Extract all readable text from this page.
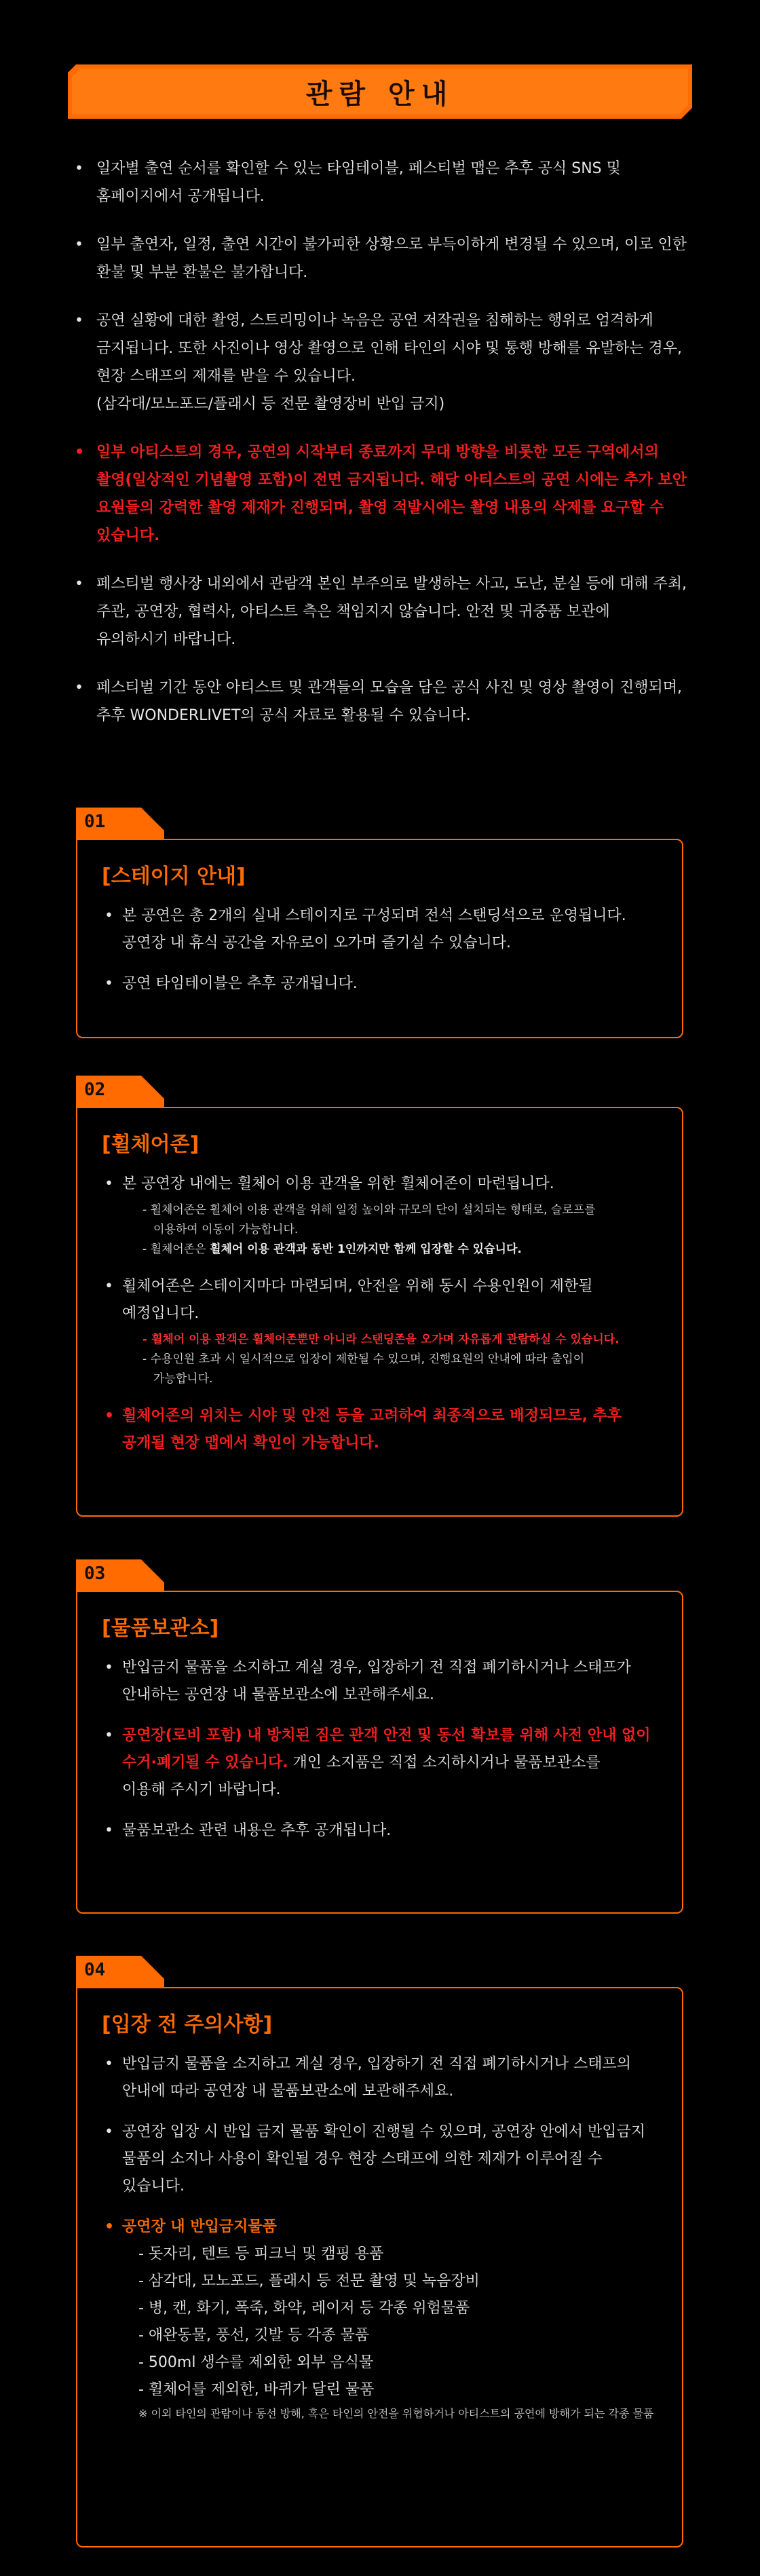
관람 안내
• 일자별 출연 순서를 확인할 수 있는 타임테이블, 페스티벌 맵은 추후 공식 SNS 및
홈페이지에서 공개됩니다.
• 일부 출연자, 일정, 출연 시간이 불가피한 상황으로 부득이하게 변경될 수 있으며, 이로 인한
환불 및 부분 환불은 불가합니다.
• 공연 실황에 대한 촬영, 스트리밍이나 녹음은 공연 저작권을 침해하는 행위로 엄격하게
금지됩니다. 또한 사진이나 영상 촬영으로 인해 타인의 시야 및 통행 방해를 유발하는 경우,
현장 스태프의 제재를 받을 수 있습니다.
(삼각대/모노포드/플래시 등 전문 촬영장비 반입 금지)
• 일부 아티스트의 경우, 공연의 시작부터 종료까지 무대 방향을 비롯한 모든 구역에서의
촬영(일상적인 기념촬영 포함)이 전면 금지됩니다. 해당 아티스트의 공연 시에는 추가 보안
요원들의 강력한 촬영 제재가 진행되며, 촬영 적발시에는 촬영 내용의 삭제를 요구할 수
있습니다.
• 페스티벌 행사장 내외에서 관람객 본인 부주의로 발생하는 사고, 도난, 분실 등에 대해 주최,
주관, 공연장, 협력사, 아티스트 측은 책임지지 않습니다. 안전 및 귀중품 보관에
유의하시기 바랍니다.
• 페스티벌 기간 동안 아티스트 및 관객들의 모습을 담은 공식 사진 및 영상 촬영이 진행되며,
추후 WONDERLIVET의 공식 자료로 활용될 수 있습니다.
01
[스테이지 안내]
• 본 공연은 총 2개의 실내 스테이지로 구성되며 전석 스탠딩석으로 운영됩니다.
공연장 내 휴식 공간을 자유로이 오가며 즐기실 수 있습니다.
• 공연 타임테이블은 추후 공개됩니다.
02
[휠체어존]
• 본 공연장 내에는 휠체어 이용 관객을 위한 휠체어존이 마련됩니다.
- 휠체어존은 휠체어 이용 관객을 위해 일정 높이와 규모의 단이 설치되는 형태로, 슬로프를
이용하여 이동이 가능합니다.
- 휠체어존은 휠체어 이용 관객과 동반 1인까지만 함께 입장할 수 있습니다.
• 휠체어존은 스테이지마다 마련되며, 안전을 위해 동시 수용인원이 제한될 예정입니다.
- 휠체어 이용 관객은 휠체어존뿐만 아니라 스탠딩존을 오가며 자유롭게 관람하실 수 있습니다.
- 수용인원 초과 시 일시적으로 입장이 제한될 수 있으며, 진행요원의 안내에 따라 출입이
가능합니다.
• 휠체어존의 위치는 시야 및 안전 등을 고려하여 최종적으로 배정되므로, 추후
공개될 현장 맵에서 확인이 가능합니다.
03
[물품보관소]
• 반입금지 물품을 소지하고 계실 경우, 입장하기 전 직접 폐기하시거나 스태프가
안내하는 공연장 내 물품보관소에 보관해주세요.
• 공연장(로비 포함) 내 방치된 짐은 관객 안전 및 동선 확보를 위해 사전 안내 없이
수거·폐기될 수 있습니다. 개인 소지품은 직접 소지하시거나 물품보관소를
이용해 주시기 바랍니다.
• 물품보관소 관련 내용은 추후 공개됩니다.
04
[입장 전 주의사항]
• 반입금지 물품을 소지하고 계실 경우, 입장하기 전 직접 폐기하시거나 스태프의
안내에 따라 공연장 내 물품보관소에 보관해주세요.
• 공연장 입장 시 반입 금지 물품 확인이 진행될 수 있으며, 공연장 안에서 반입금지
물품의 소지나 사용이 확인될 경우 현장 스태프에 의한 제재가 이루어질 수
있습니다.
• 공연장 내 반입금지물품
- 돗자리, 텐트 등 피크닉 및 캠핑 용품
- 삼각대, 모노포드, 플래시 등 전문 촬영 및 녹음장비
- 병, 캔, 화기, 폭죽, 화약, 레이저 등 각종 위험물품
- 애완동물, 풍선, 깃발 등 각종 물품
- 500ml 생수를 제외한 외부 음식물
- 휠체어를 제외한, 바퀴가 달린 물품
※ 이외 타인의 관람이나 동선 방해, 혹은 타인의 안전을 위협하거나 아티스트의 공연에 방해가 되는 각종 물품
